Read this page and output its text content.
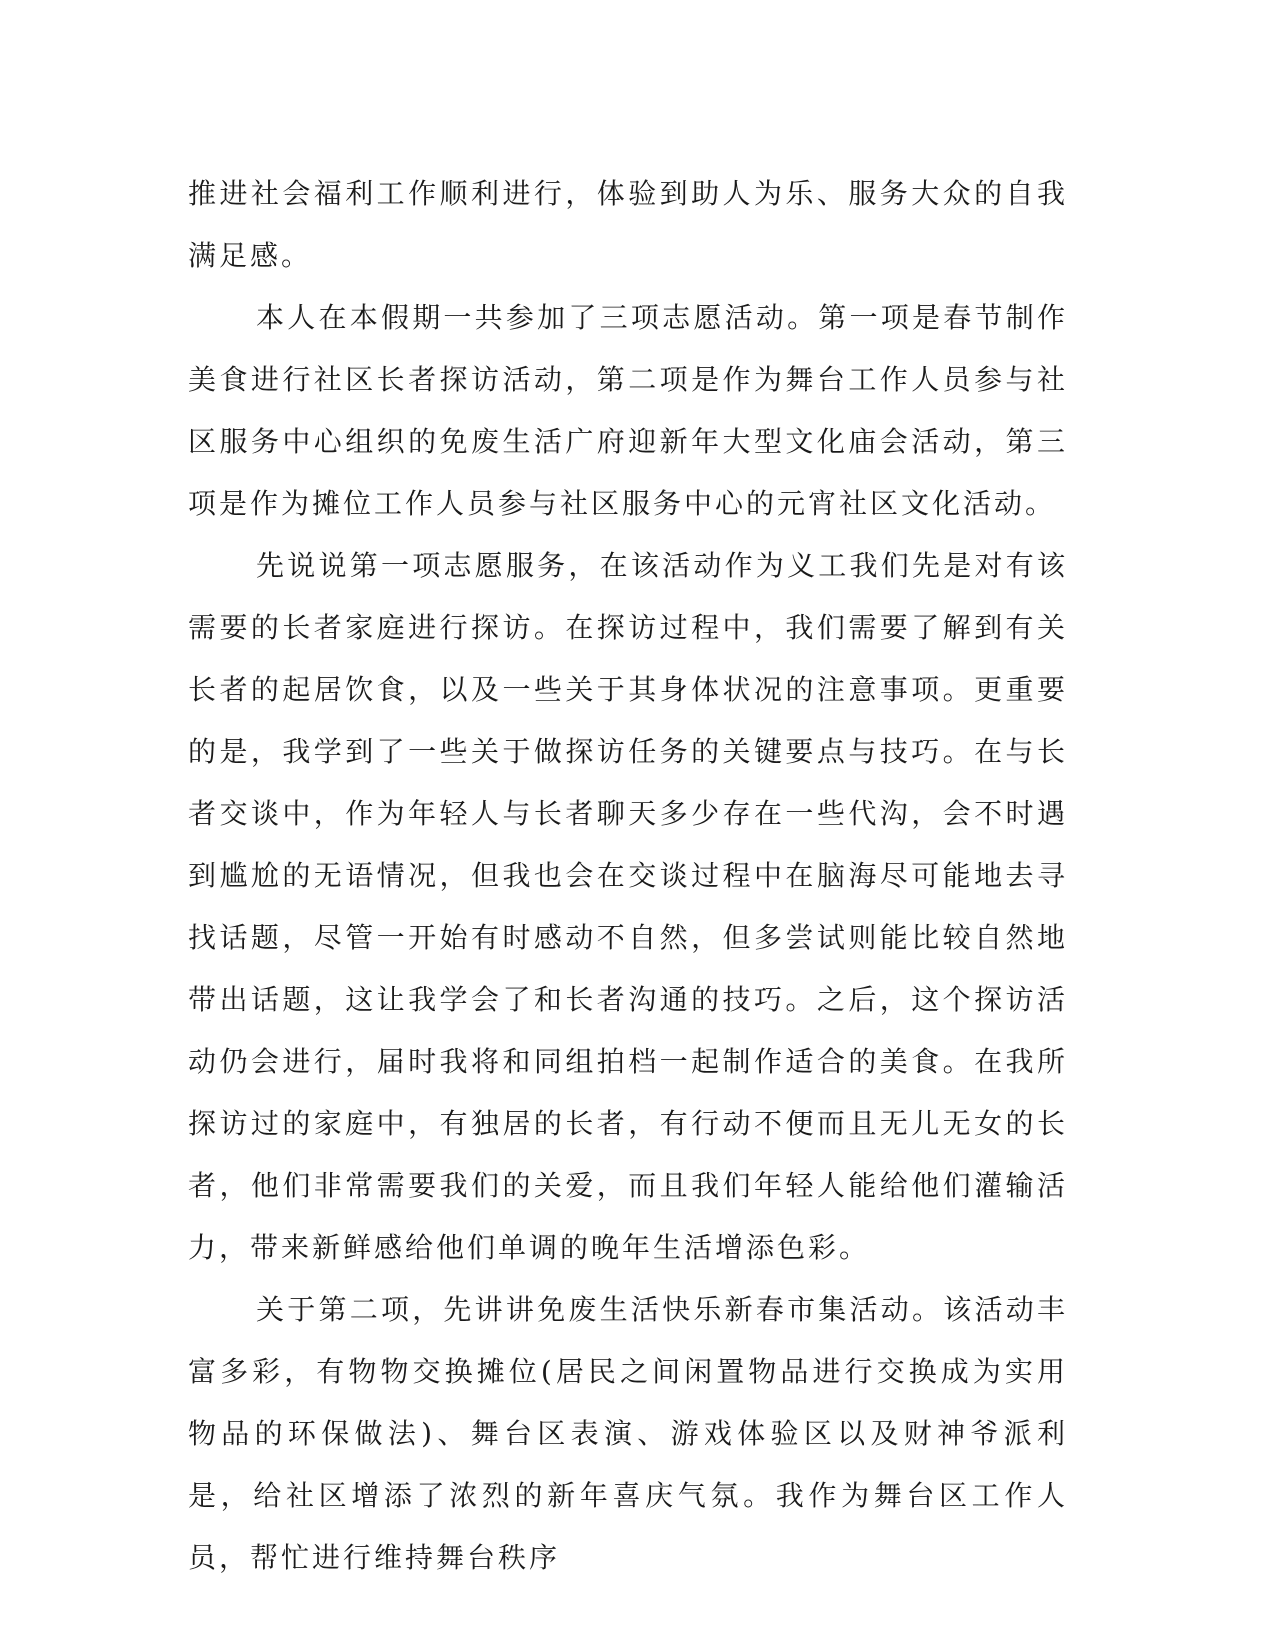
推进社会福利工作顺利进行，体验到助人为乐、服务大众的自我满足感。

本人在本假期一共参加了三项志愿活动。第一项是春节制作美食进行社区长者探访活动，第二项是作为舞台工作人员参与社区服务中心组织的免废生活广府迎新年大型文化庙会活动，第三项是作为摊位工作人员参与社区服务中心的元宵社区文化活动。

先说说第一项志愿服务，在该活动作为义工我们先是对有该需要的长者家庭进行探访。在探访过程中，我们需要了解到有关长者的起居饮食，以及一些关于其身体状况的注意事项。更重要的是，我学到了一些关于做探访任务的关键要点与技巧。在与长者交谈中，作为年轻人与长者聊天多少存在一些代沟，会不时遇到尴尬的无语情况，但我也会在交谈过程中在脑海尽可能地去寻找话题，尽管一开始有时感动不自然，但多尝试则能比较自然地带出话题，这让我学会了和长者沟通的技巧。之后，这个探访活动仍会进行，届时我将和同组拍档一起制作适合的美食。在我所探访过的家庭中，有独居的长者，有行动不便而且无儿无女的长者，他们非常需要我们的关爱，而且我们年轻人能给他们灌输活力，带来新鲜感给他们单调的晚年生活增添色彩。

关于第二项，先讲讲免废生活快乐新春市集活动。该活动丰富多彩，有物物交换摊位(居民之间闲置物品进行交换成为实用物品的环保做法)、舞台区表演、游戏体验区以及财神爷派利是，给社区增添了浓烈的新年喜庆气氛。我作为舞台区工作人员，帮忙进行维持舞台秩序
